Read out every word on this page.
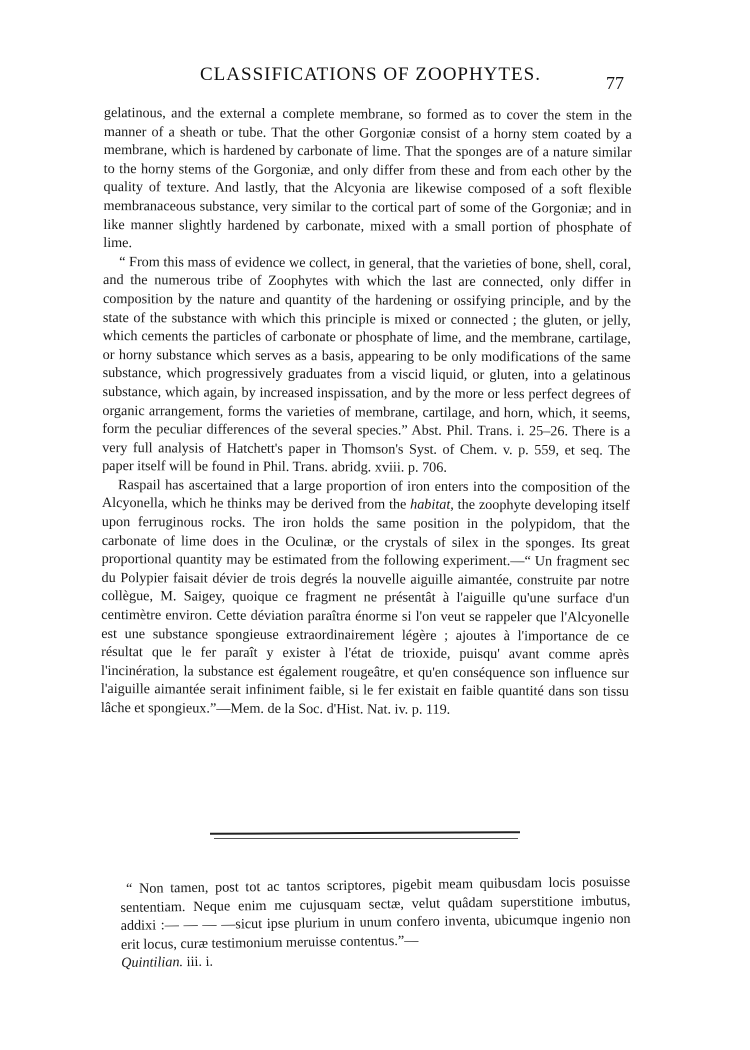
CLASSIFICATIONS OF ZOOPHYTES.	77

gelatinous, and the external a complete membrane, so formed as to cover the stem in the manner of a sheath or tube. That the other Gorgoniæ consist of a horny stem coated by a membrane, which is hardened by carbonate of lime. That the sponges are of a nature similar to the horny stems of the Gorgoniæ, and only differ from these and from each other by the quality of texture. And lastly, that the Alcyonia are likewise composed of a soft flexible membranaceous substance, very similar to the cortical part of some of the Gorgoniæ; and in like manner slightly hardened by carbonate, mixed with a small portion of phosphate of lime.

“ From this mass of evidence we collect, in general, that the varieties of bone, shell, coral, and the numerous tribe of Zoophytes with which the last are connected, only differ in composition by the nature and quantity of the hardening or ossifying principle, and by the state of the substance with which this principle is mixed or connected ; the gluten, or jelly, which cements the particles of carbonate or phosphate of lime, and the membrane, cartilage, or horny substance which serves as a basis, appearing to be only modifications of the same substance, which progressively graduates from a viscid liquid, or gluten, into a gelatinous substance, which again, by increased inspissation, and by the more or less perfect degrees of organic arrangement, forms the varieties of membrane, cartilage, and horn, which, it seems, form the peculiar differences of the several species.” Abst. Phil. Trans. i. 25–26. There is a very full analysis of Hatchett's paper in Thomson's Syst. of Chem. v. p. 559, et seq. The paper itself will be found in Phil. Trans. abridg. xviii. p. 706.

Raspail has ascertained that a large proportion of iron enters into the composition of the Alcyonella, which he thinks may be derived from the habitat, the zoophyte developing itself upon ferruginous rocks. The iron holds the same position in the polypidom, that the carbonate of lime does in the Oculinæ, or the crystals of silex in the sponges. Its great proportional quantity may be estimated from the following experiment.—“ Un fragment sec du Polypier faisait dévier de trois degrés la nouvelle aiguille aimantée, construite par notre collègue, M. Saigey, quoique ce fragment ne présentât à l'aiguille qu'une surface d'un centimètre environ. Cette déviation paraîtra énorme si l'on veut se rappeler que l'Alcyonelle est une substance spongieuse extraordinairement légère ; ajoutes à l'importance de ce résultat que le fer paraît y exister à l'état de trioxide, puisqu' avant comme après l'incinération, la substance est également rougeâtre, et qu'en conséquence son influence sur l'aiguille aimantée serait infiniment faible, si le fer existait en faible quantité dans son tissu lâche et spongieux.”—Mem. de la Soc. d'Hist. Nat. iv. p. 119.

“ Non tamen, post tot ac tantos scriptores, pigebit meam quibusdam locis posuisse sententiam. Neque enim me cujusquam sectæ, velut quâdam superstitione imbutus, addixi :— — — —sicut ipse plurium in unum confero inventa, ubicumque ingenio non erit locus, curæ testimonium meruisse contentus.”—
Quintilian. iii. i.
